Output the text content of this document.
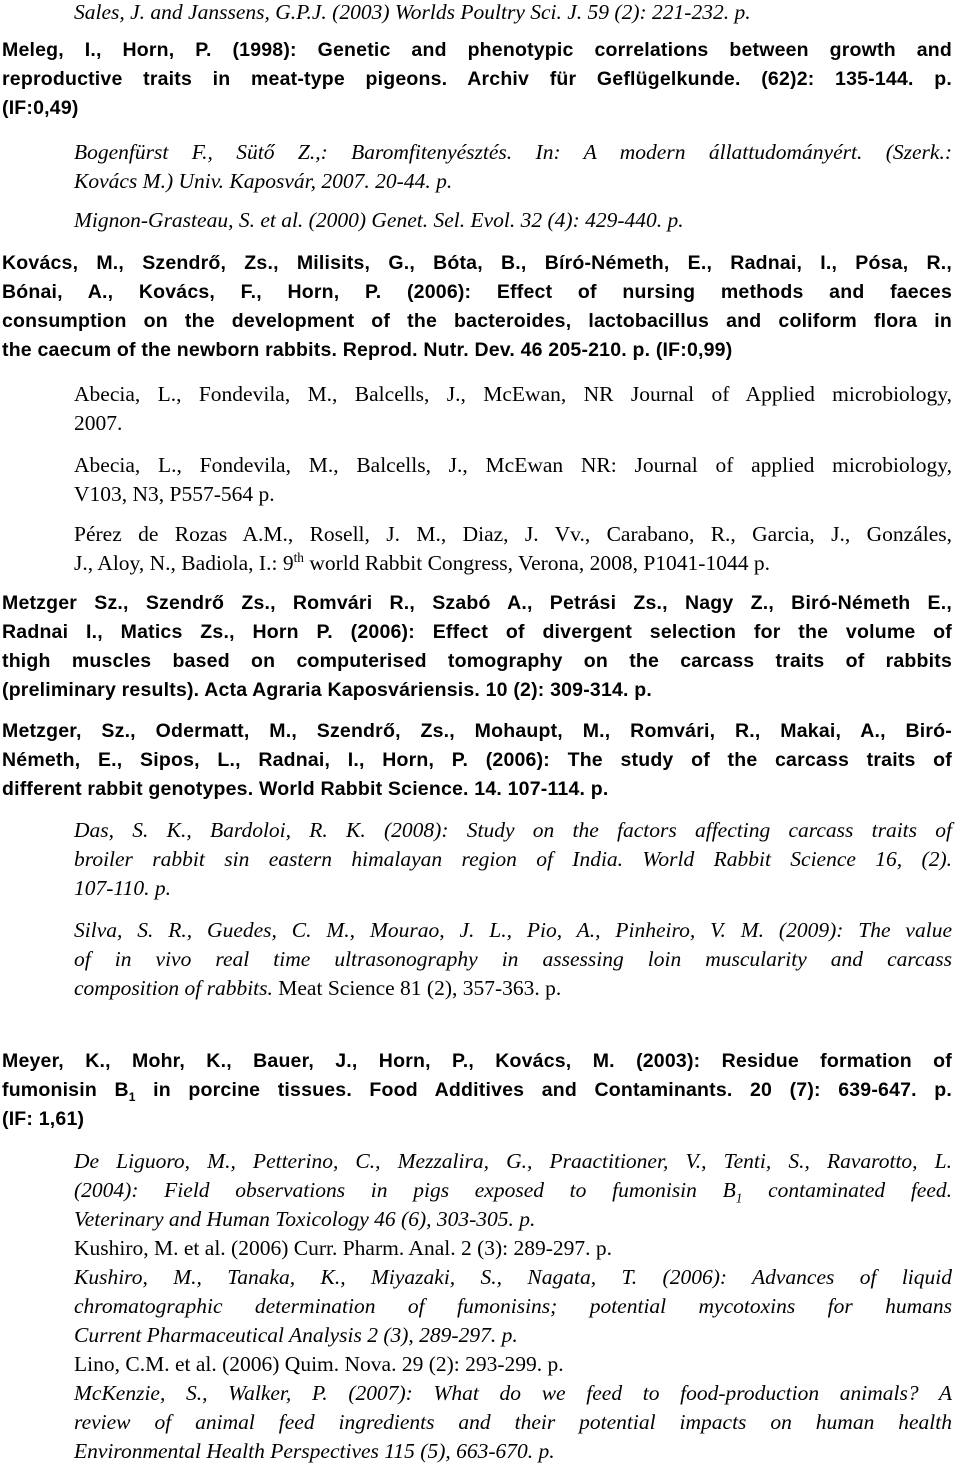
Sales, J. and Janssens, G.P.J. (2003) Worlds Poultry Sci. J. 59 (2): 221-232. p.

Meleg, I., Horn, P. (1998): Genetic and phenotypic correlations between growth and
reproductive traits in meat-type pigeons. Archiv für Geflügelkunde. (62)2: 135-144. p.
(IF:0,49)

Bogenfürst F., Sütő Z.,: Baromfitenyésztés. In: A modern állattudományért. (Szerk.:
Kovács M.) Univ. Kaposvár, 2007. 20-44. p.

Mignon-Grasteau, S. et al. (2000) Genet. Sel. Evol. 32 (4): 429-440. p.

Kovács, M., Szendrő, Zs., Milisits, G., Bóta, B., Bíró-Németh, E., Radnai, I., Pósa, R.,
Bónai, A., Kovács, F., Horn, P. (2006): Effect of nursing methods and faeces
consumption on the development of the bacteroides, lactobacillus and coliform flora in
the caecum of the newborn rabbits. Reprod. Nutr. Dev. 46 205-210. p. (IF:0,99)

Abecia, L., Fondevila, M., Balcells, J., McEwan, NR Journal of Applied microbiology,
2007.

Abecia, L., Fondevila, M., Balcells, J., McEwan NR: Journal of applied microbiology,
V103, N3, P557-564 p.

Pérez de Rozas A.M., Rosell, J. M., Diaz, J. Vv., Carabano, R., Garcia, J., Gonzáles,
J., Aloy, N., Badiola, I.: 9th world Rabbit Congress, Verona, 2008, P1041-1044 p.

Metzger Sz., Szendrő Zs., Romvári R., Szabó A., Petrási Zs., Nagy Z., Biró-Németh E.,
Radnai I., Matics Zs., Horn P. (2006): Effect of divergent selection for the volume of
thigh muscles based on computerised tomography on the carcass traits of rabbits
(preliminary results). Acta Agraria Kaposváriensis. 10 (2): 309-314. p.

Metzger, Sz., Odermatt, M., Szendrő, Zs., Mohaupt, M., Romvári, R., Makai, A., Biró-
Németh, E., Sipos, L., Radnai, I., Horn, P. (2006): The study of the carcass traits of
different rabbit genotypes. World Rabbit Science. 14. 107-114. p.

Das, S. K., Bardoloi, R. K. (2008): Study on the factors affecting carcass traits of
broiler rabbit sin eastern himalayan region of India. World Rabbit Science 16, (2).
107-110. p.

Silva, S. R., Guedes, C. M., Mourao, J. L., Pio, A., Pinheiro, V. M. (2009): The value
of in vivo real time ultrasonography in assessing loin muscularity and carcass
composition of rabbits. Meat Science 81 (2), 357-363. p.

Meyer, K., Mohr, K., Bauer, J., Horn, P., Kovács, M. (2003): Residue formation of
fumonisin $B_1$ in porcine tissues. Food Additives and Contaminants. 20 (7): 639-647. p.
(IF: 1,61)

De Liguoro, M., Petterino, C., Mezzalira, G., Praactitioner, V., Tenti, S., Ravarotto, L.
(2004): Field observations in pigs exposed to fumonisin $B_1$ contaminated feed.
Veterinary and Human Toxicology 46 (6), 303-305. p.

Kushiro, M. et al. (2006) Curr. Pharm. Anal. 2 (3): 289-297. p.

Kushiro, M., Tanaka, K., Miyazaki, S., Nagata, T. (2006): Advances of liquid
chromatographic determination of fumonisins; potential mycotoxins for humans
Current Pharmaceutical Analysis 2 (3), 289-297. p.

Lino, C.M. et al. (2006) Quim. Nova. 29 (2): 293-299. p.

McKenzie, S., Walker, P. (2007): What do we feed to food-production animals? A
review of animal feed ingredients and their potential impacts on human health
Environmental Health Perspectives 115 (5), 663-670. p.
